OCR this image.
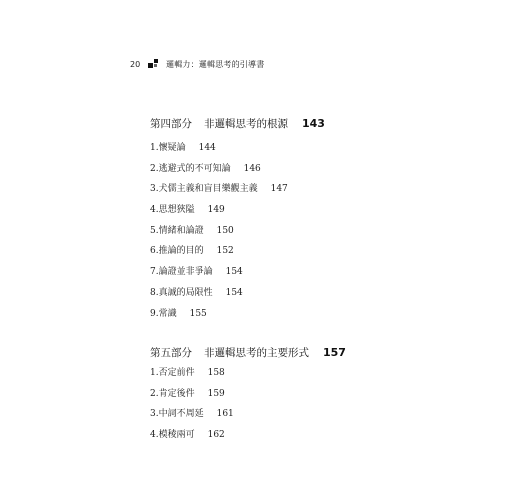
20	邏輯力：邏輯思考的引導書
第四部分 非邏輯思考的根源 143
1.懷疑論 144
2.逃避式的不可知論 146
3.犬儒主義和盲目樂觀主義 147
4.思想狹隘 149
5.情緒和論證 150
6.推論的目的 152
7.論證並非爭論 154
8.真誠的局限性 154
9.常識 155
第五部分 非邏輯思考的主要形式 157
1.否定前件 158
2.肯定後件 159
3.中詞不周延 161
4.模稜兩可 162
